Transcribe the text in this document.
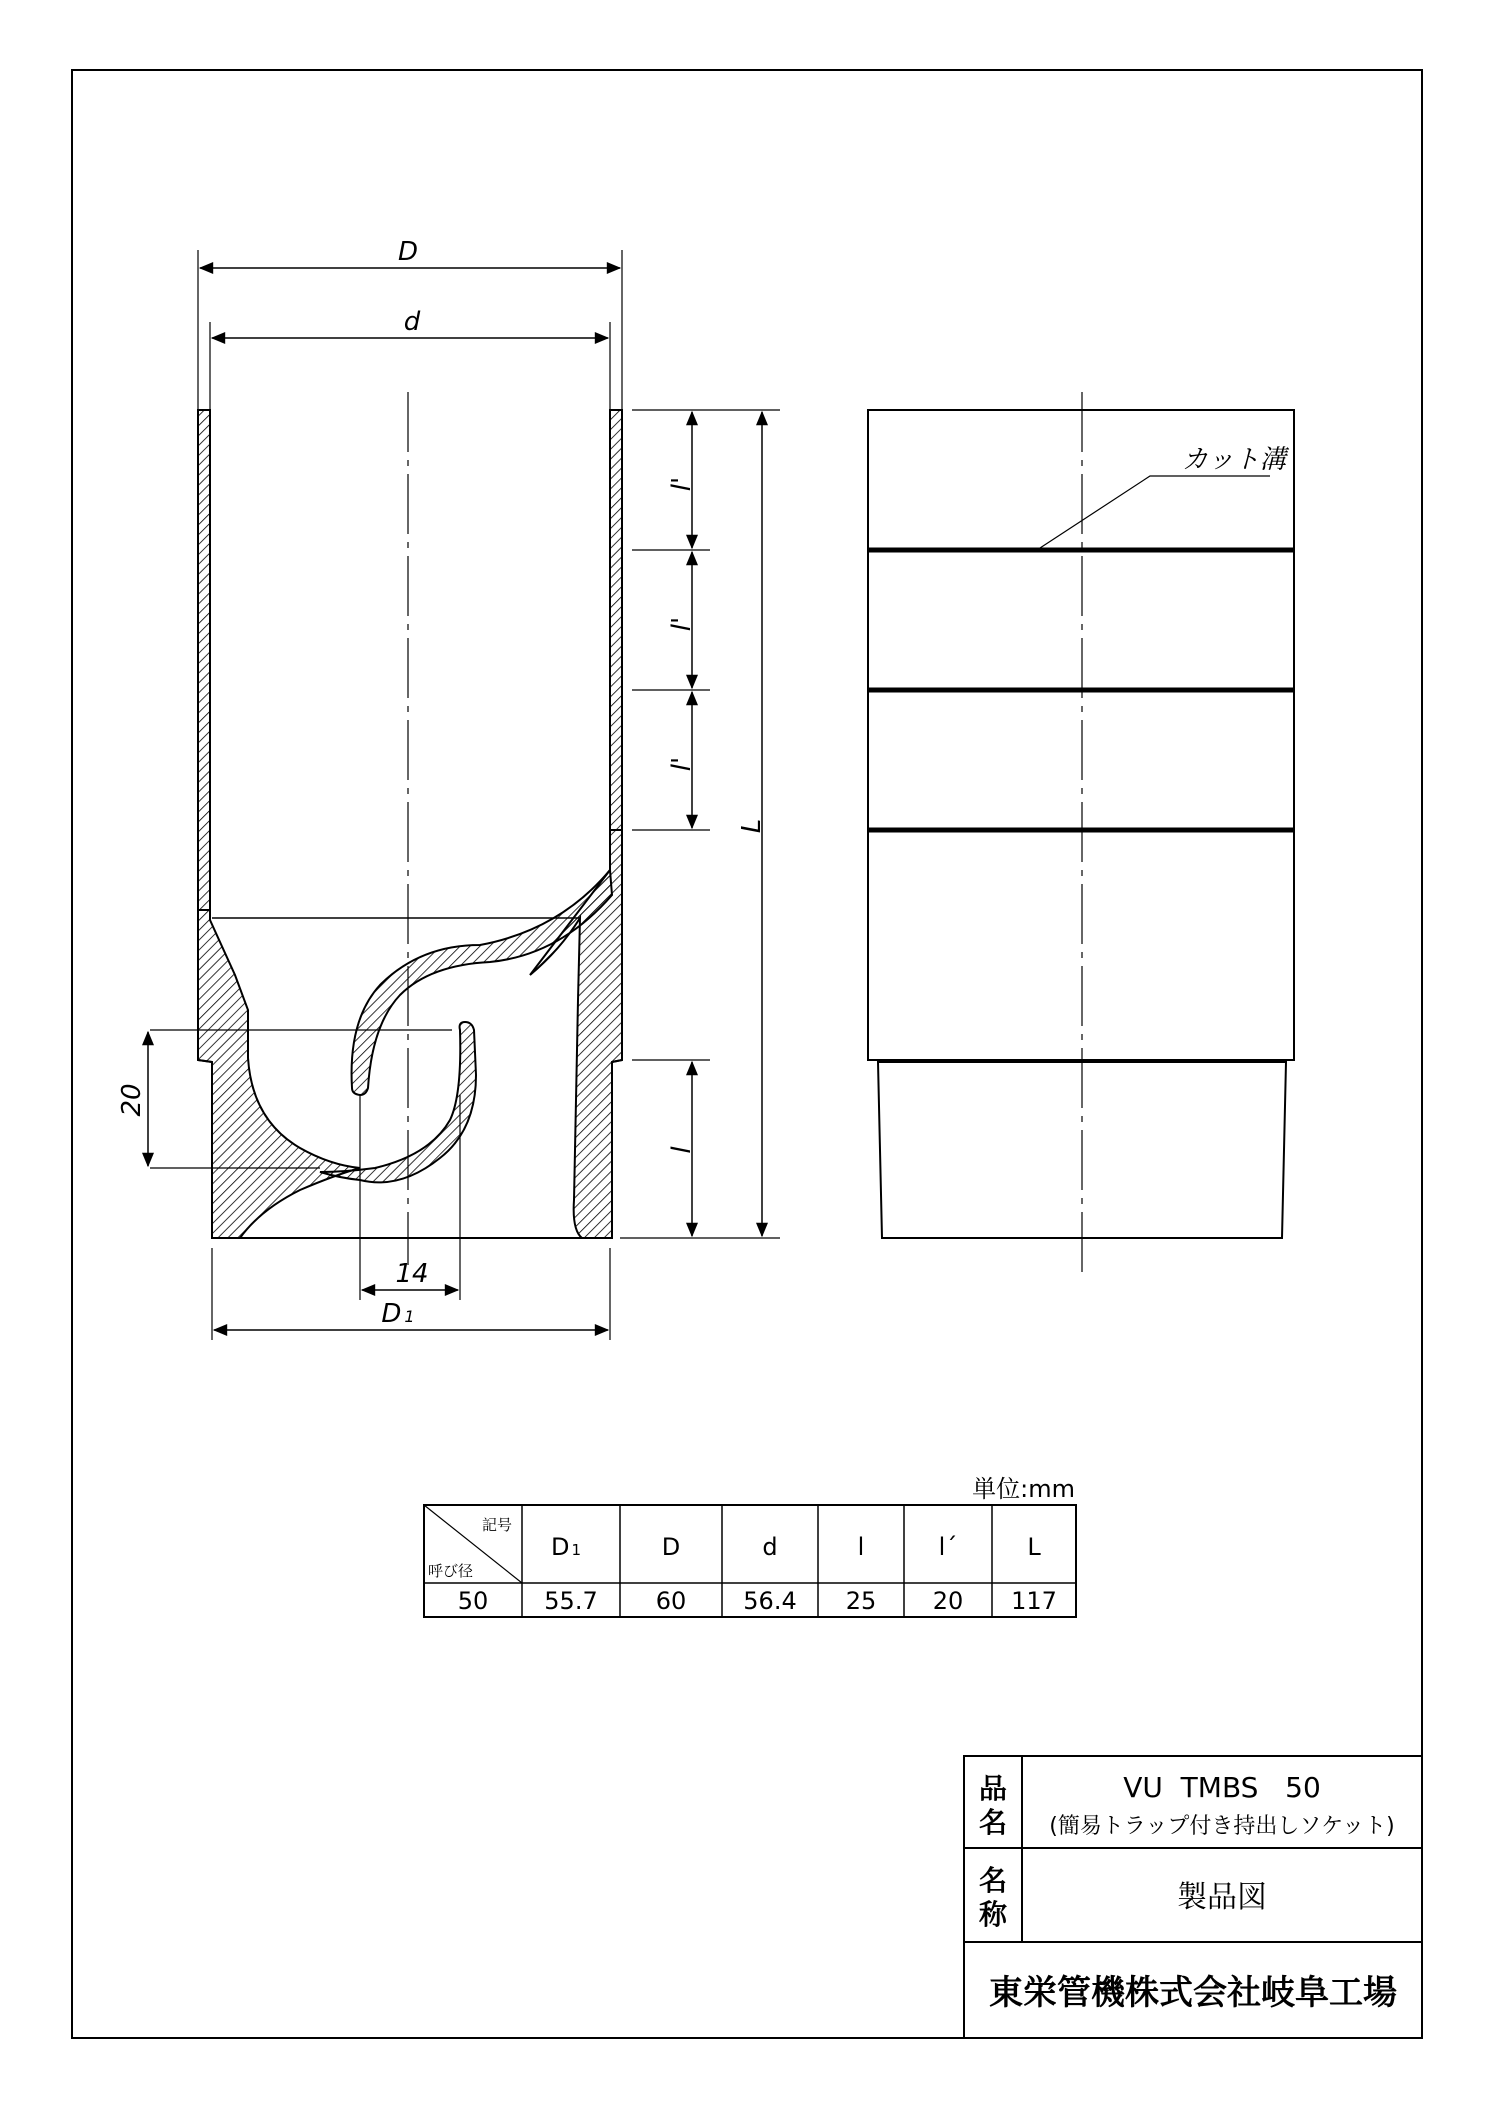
D
d
l'
l'
l'
l
L
20
14
D 1
カット溝
単位:mm
記号
呼び径
D 1	D	d	l	l´	L
50 55.7 60 56.4 25 20 117
品
名
VU  TMBS   50
(簡易トラップ付き持出しソケット)
名
称	製品図
東栄管機株式会社岐阜工場
